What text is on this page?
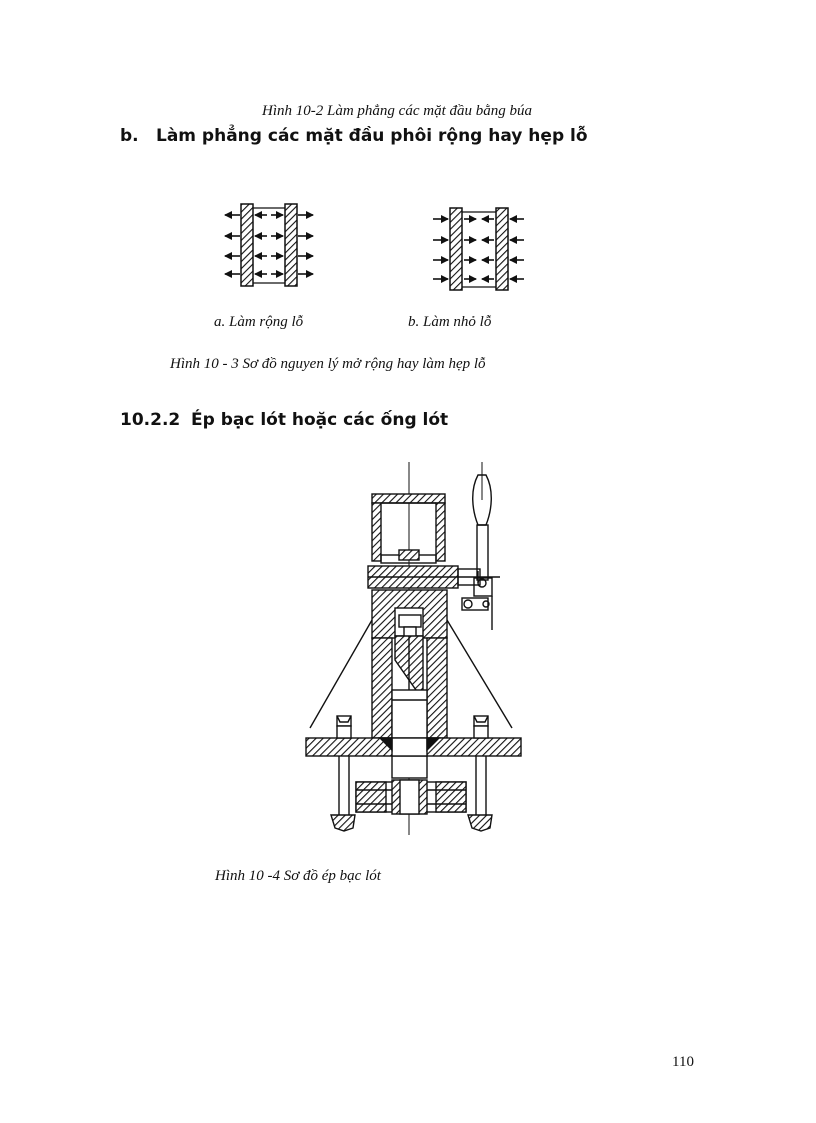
Hình 10-2 Làm phẳng các mặt đầu bằng búa
b. Làm phẳng các mặt đầu phôi rộng hay hẹp lỗ
a. Làm rộng lỗ	b. Làm nhỏ lỗ
Hình 10 - 3 Sơ đồ nguyen lý mở rộng hay làm hẹp lỗ
10.2.2 Ép bạc lót hoặc các ống lót
Hình 10 -4 Sơ đồ ép bạc lót
110
